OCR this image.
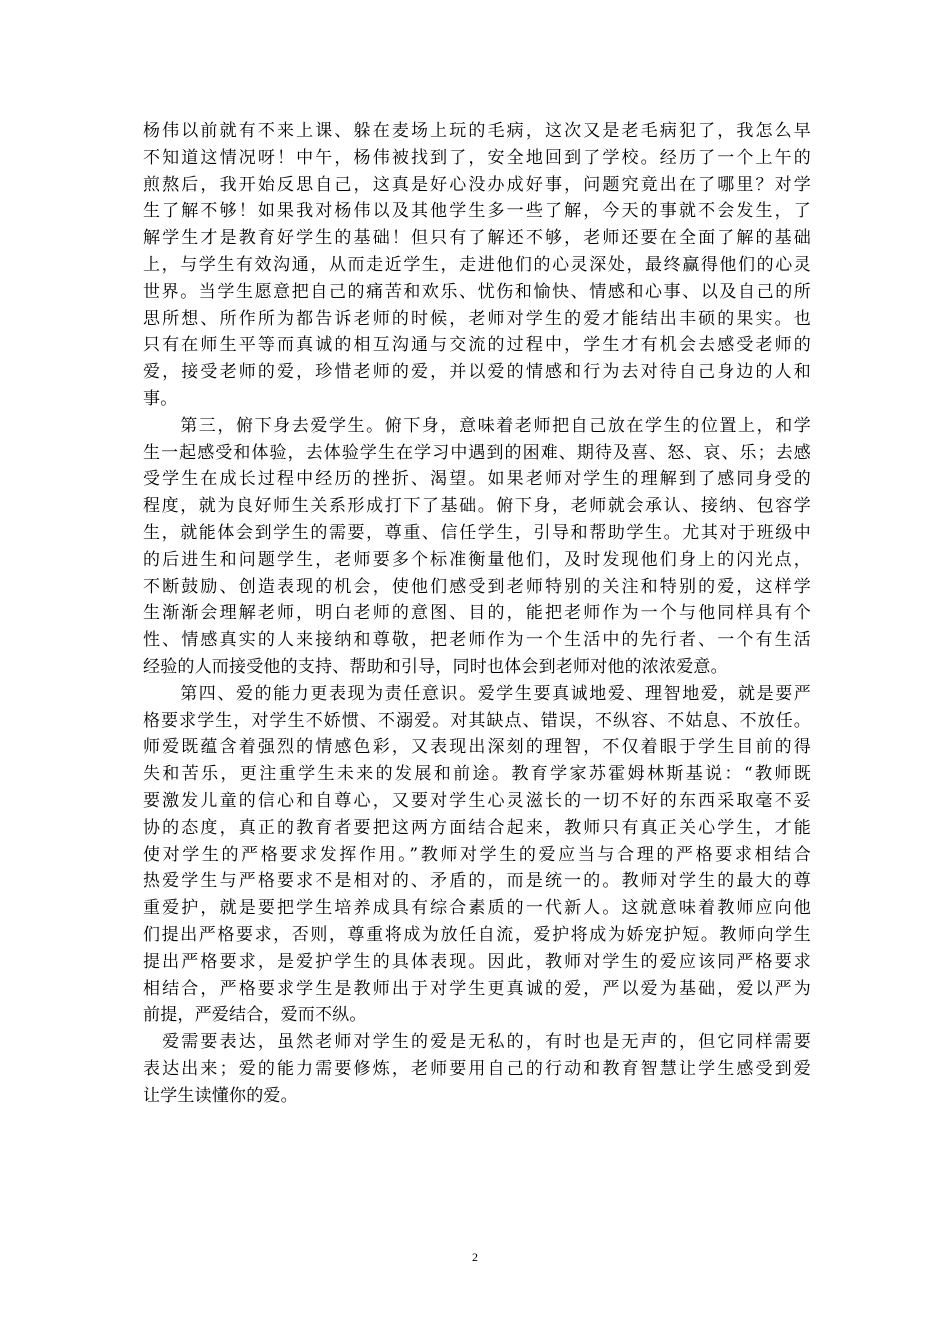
杨伟以前就有不来上课、躲在麦场上玩的毛病，这次又是老毛病犯了，我怎么早
不知道这情况呀！中午，杨伟被找到了，安全地回到了学校。经历了一个上午的
煎熬后，我开始反思自己，这真是好心没办成好事，问题究竟出在了哪里？对学
生了解不够！如果我对杨伟以及其他学生多一些了解，今天的事就不会发生，了
解学生才是教育好学生的基础！但只有了解还不够，老师还要在全面了解的基础
上，与学生有效沟通，从而走近学生，走进他们的心灵深处，最终赢得他们的心灵
世界。当学生愿意把自己的痛苦和欢乐、忧伤和愉快、情感和心事、以及自己的所
思所想、所作所为都告诉老师的时候，老师对学生的爱才能结出丰硕的果实。也
只有在师生平等而真诚的相互沟通与交流的过程中，学生才有机会去感受老师的
爱，接受老师的爱，珍惜老师的爱，并以爱的情感和行为去对待自己身边的人和
事。
　　第三，俯下身去爱学生。俯下身，意味着老师把自己放在学生的位置上，和学
生一起感受和体验，去体验学生在学习中遇到的困难、期待及喜、怒、哀、乐；去感
受学生在成长过程中经历的挫折、渴望。如果老师对学生的理解到了感同身受的
程度，就为良好师生关系形成打下了基础。俯下身，老师就会承认、接纳、包容学
生，就能体会到学生的需要，尊重、信任学生，引导和帮助学生。尤其对于班级中
的后进生和问题学生，老师要多个标准衡量他们，及时发现他们身上的闪光点，
不断鼓励、创造表现的机会，使他们感受到老师特别的关注和特别的爱，这样学
生渐渐会理解老师，明白老师的意图、目的，能把老师作为一个与他同样具有个
性、情感真实的人来接纳和尊敬，把老师作为一个生活中的先行者、一个有生活
经验的人而接受他的支持、帮助和引导，同时也体会到老师对他的浓浓爱意。
　　第四、爱的能力更表现为责任意识。爱学生要真诚地爱、理智地爱，就是要严
格要求学生，对学生不娇惯、不溺爱。对其缺点、错误，不纵容、不姑息、不放任。
师爱既蕴含着强烈的情感色彩，又表现出深刻的理智，不仅着眼于学生目前的得
失和苦乐，更注重学生未来的发展和前途。教育学家苏霍姆林斯基说：“教师既
要激发儿童的信心和自尊心，又要对学生心灵滋长的一切不好的东西采取毫不妥
协的态度，真正的教育者要把这两方面结合起来，教师只有真正关心学生，才能
使对学生的严格要求发挥作用。”教师对学生的爱应当与合理的严格要求相结合
热爱学生与严格要求不是相对的、矛盾的，而是统一的。教师对学生的最大的尊
重爱护，就是要把学生培养成具有综合素质的一代新人。这就意味着教师应向他
们提出严格要求，否则，尊重将成为放任自流，爱护将成为娇宠护短。教师向学生
提出严格要求，是爱护学生的具体表现。因此，教师对学生的爱应该同严格要求
相结合，严格要求学生是教师出于对学生更真诚的爱，严以爱为基础，爱以严为
前提，严爱结合，爱而不纵。
　爱需要表达，虽然老师对学生的爱是无私的，有时也是无声的，但它同样需要
表达出来；爱的能力需要修炼，老师要用自己的行动和教育智慧让学生感受到爱
让学生读懂你的爱。
2
